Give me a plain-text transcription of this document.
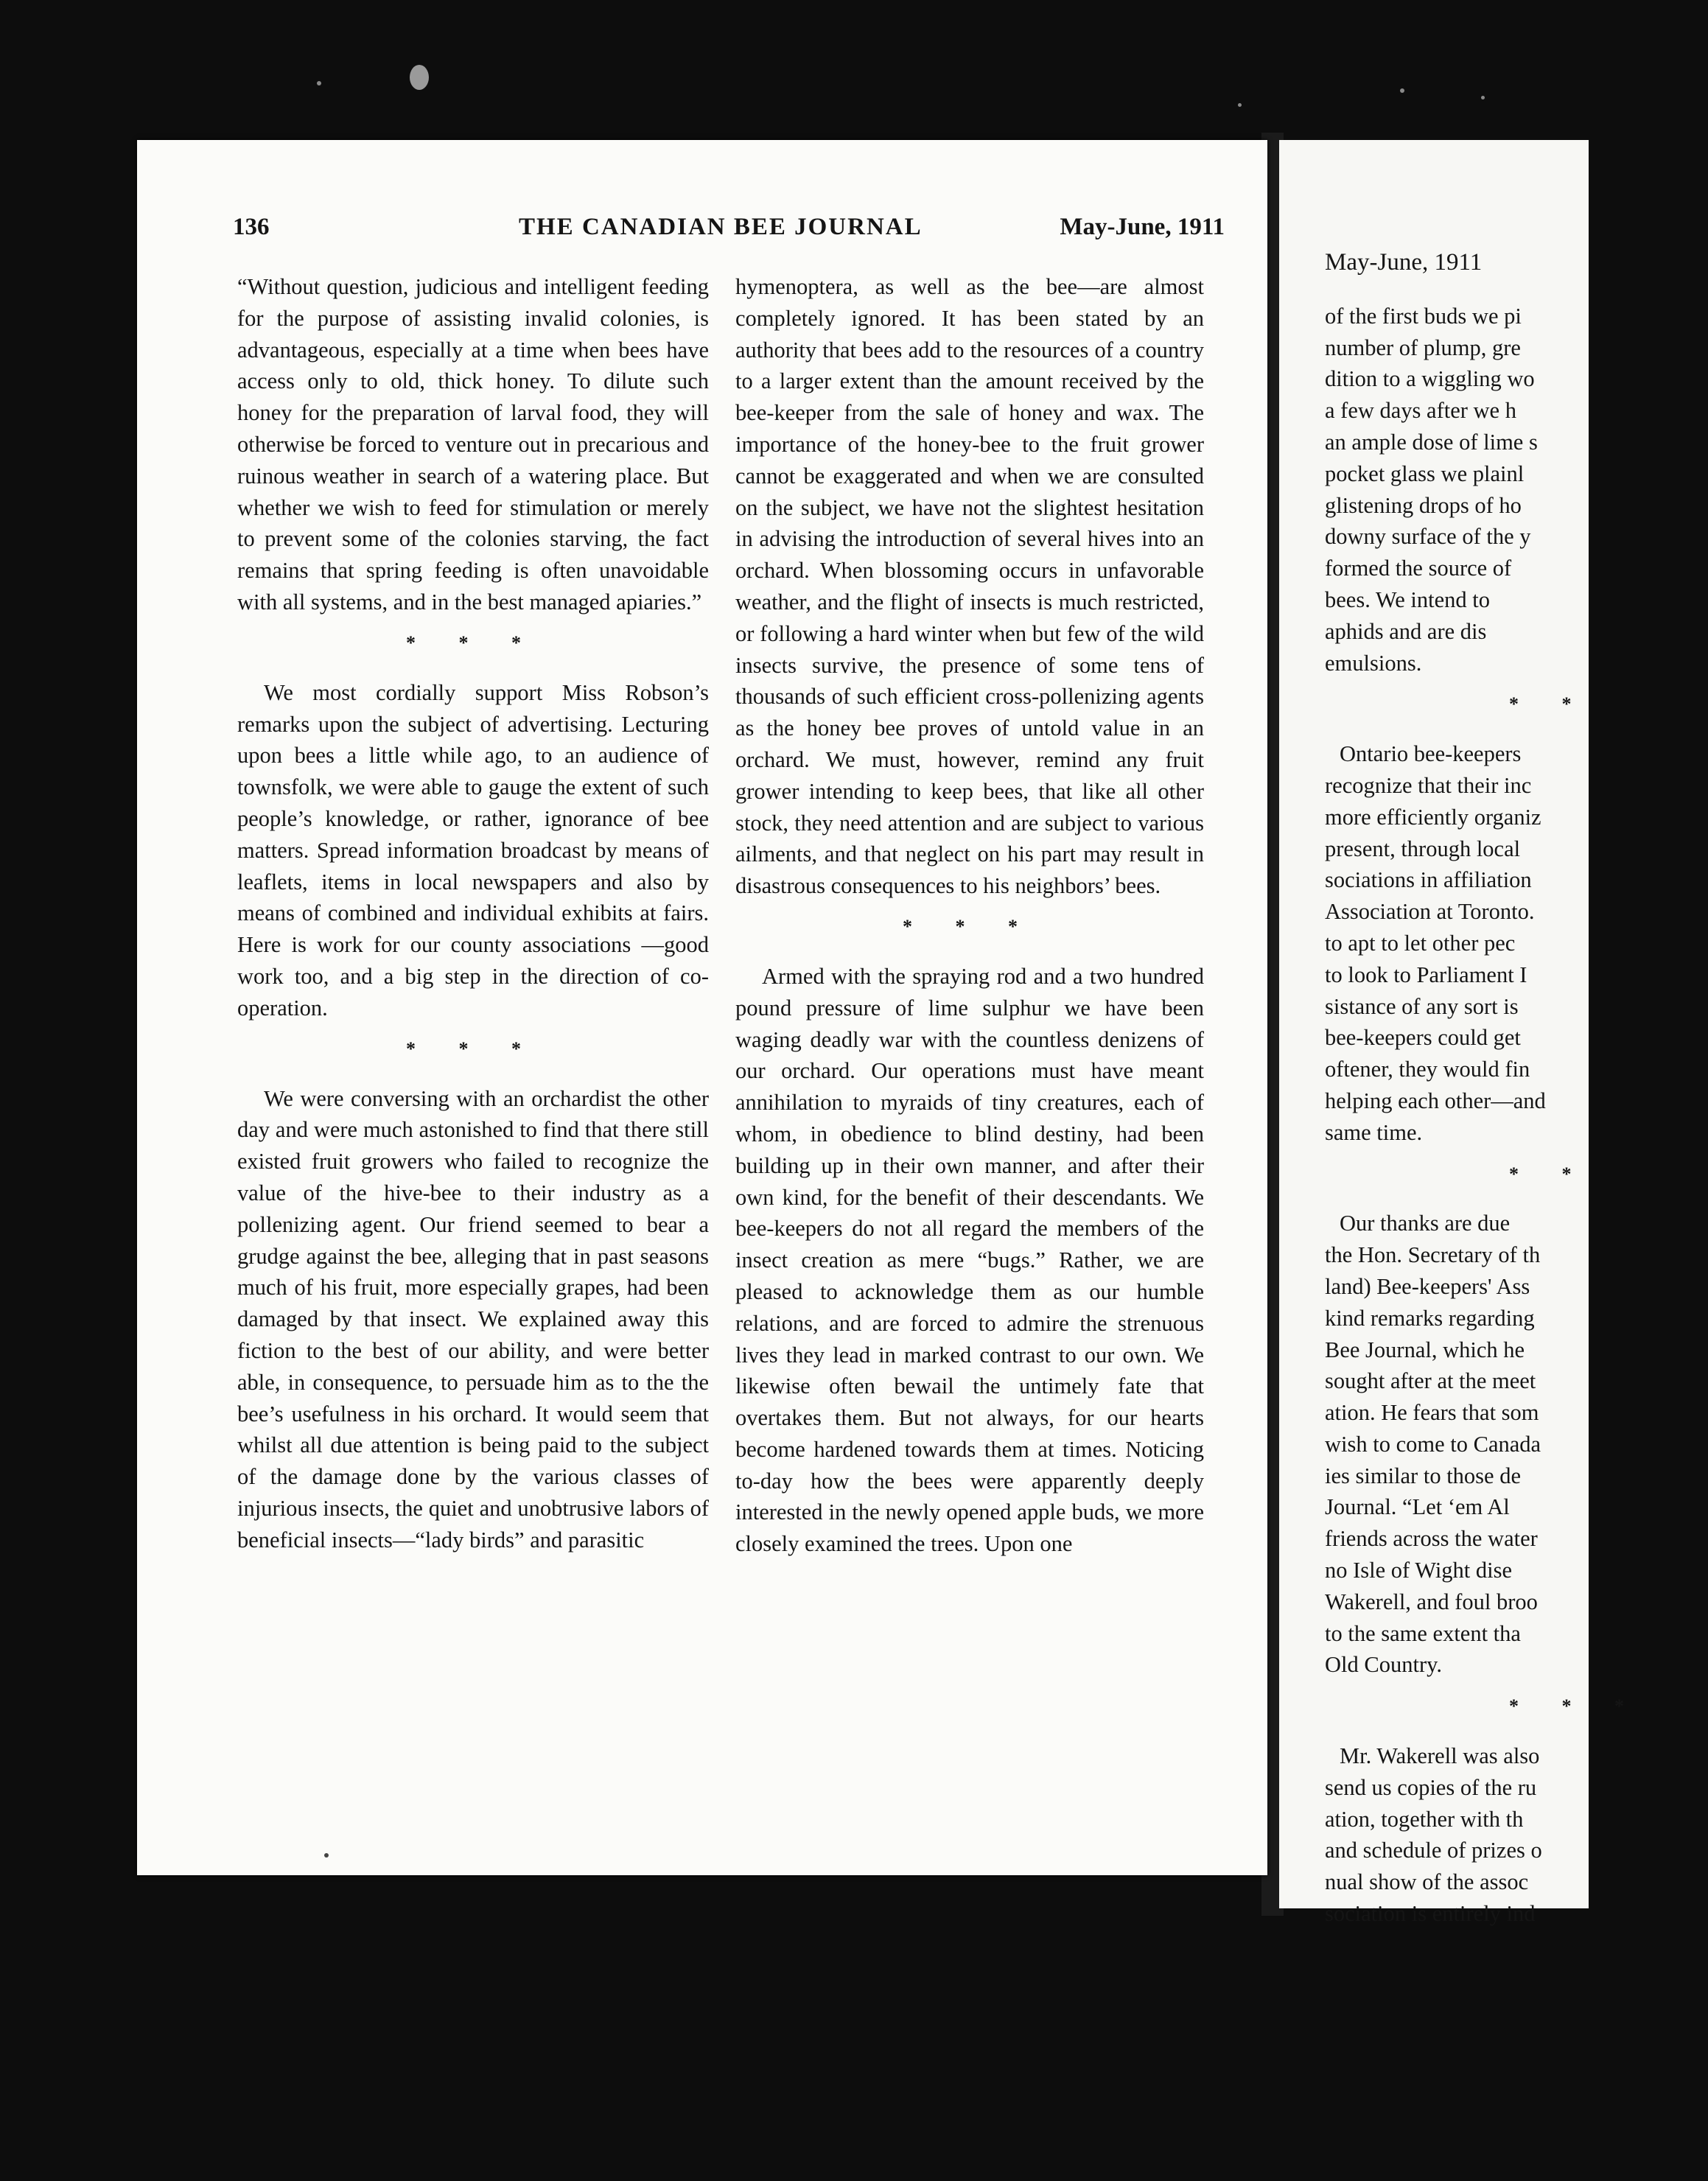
136	THE CANADIAN BEE JOURNAL	May-June, 1911

“Without question, judicious and intelligent feeding for the purpose of assisting invalid colonies, is advantageous, especially at a time when bees have access only to old, thick honey. To dilute such honey for the preparation of larval food, they will otherwise be forced to venture out in precarious and ruinous weather in search of a watering place. But whether we wish to feed for stimulation or merely to prevent some of the colonies starving, the fact remains that spring feeding is often unavoidable with all systems, and in the best managed apiaries.”

* * *

We most cordially support Miss Robson’s remarks upon the subject of advertising. Lecturing upon bees a little while ago, to an audience of townsfolk, we were able to gauge the extent of such people’s knowledge, or rather, ignorance of bee matters. Spread information broadcast by means of leaflets, items in local newspapers and also by means of combined and individual exhibits at fairs. Here is work for our county associations —good work too, and a big step in the direction of co-operation.

* * *

We were conversing with an orchardist the other day and were much astonished to find that there still existed fruit growers who failed to recognize the value of the hive-bee to their industry as a pollenizing agent. Our friend seemed to bear a grudge against the bee, alleging that in past seasons much of his fruit, more especially grapes, had been damaged by that insect. We explained away this fiction to the best of our ability, and were better able, in consequence, to persuade him as to the the bee’s usefulness in his orchard. It would seem that whilst all due attention is being paid to the subject of the damage done by the various classes of injurious insects, the quiet and unobtrusive labors of beneficial insects—“lady birds” and parasitic

hymenoptera, as well as the bee—are almost completely ignored. It has been stated by an authority that bees add to the resources of a country to a larger extent than the amount received by the bee-keeper from the sale of honey and wax. The importance of the honey-bee to the fruit grower cannot be exaggerated and when we are consulted on the subject, we have not the slightest hesitation in advising the introduction of several hives into an orchard. When blossoming occurs in unfavorable weather, and the flight of insects is much restricted, or following a hard winter when but few of the wild insects survive, the presence of some tens of thousands of such efficient cross-pollenizing agents as the honey bee proves of untold value in an orchard. We must, however, remind any fruit grower intending to keep bees, that like all other stock, they need attention and are subject to various ailments, and that neglect on his part may result in disastrous consequences to his neighbors’ bees.

* * *

Armed with the spraying rod and a two hundred pound pressure of lime sulphur we have been waging deadly war with the countless denizens of our orchard. Our operations must have meant annihilation to myraids of tiny creatures, each of whom, in obedience to blind destiny, had been building up in their own manner, and after their own kind, for the benefit of their descendants. We bee-keepers do not all regard the members of the insect creation as mere “bugs.” Rather, we are pleased to acknowledge them as our humble relations, and are forced to admire the strenuous lives they lead in marked contrast to our own. We likewise often bewail the untimely fate that overtakes them. But not always, for our hearts become hardened towards them at times. Noticing to-day how the bees were apparently deeply interested in the newly opened apple buds, we more closely examined the trees. Upon one

May-June, 1911
of the first buds we pi
number of plump, gre
dition to a wiggling wo
a few days after we h
an ample dose of lime s
pocket glass we plainl
glistening drops of ho
downy surface of the y
formed the source of
bees. We intend to
aphids and are dis
emulsions.
* *
Ontario bee-keepers
recognize that their inc
more efficiently organiz
present, through local
sociations in affiliation
Association at Toronto.
to apt to let other pec
to look to Parliament I
sistance of any sort is
bee-keepers could get
oftener, they would fin
helping each other—and
same time.
* *
Our thanks are due
the Hon. Secretary of th
land) Bee-keepers' Ass
kind remarks regarding
Bee Journal, which he
sought after at the meet
ation. He fears that som
wish to come to Canada
ies similar to those de
Journal. “Let ‘em Al
friends across the water
no Isle of Wight dise
Wakerell, and foul broo
to the same extent tha
Old Country.
* * *
Mr. Wakerell was also
send us copies of the ru
ation, together with th
and schedule of prizes o
nual show of the assoc
sociation is entirely ind
